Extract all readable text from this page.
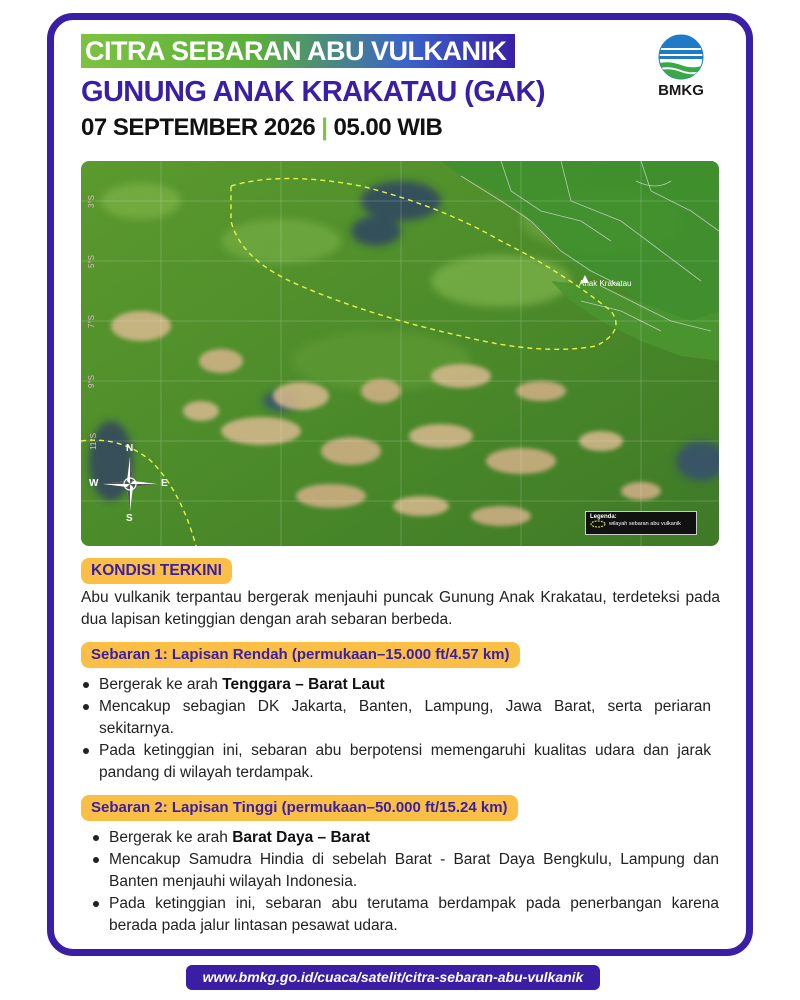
CITRA SEBARAN ABU VULKANIK
GUNUNG ANAK KRAKATAU (GAK)
07 SEPTEMBER 2026 | 05.00 WIB
BMKG
Anak Krakatau
3°S
5°S
7°S
9°S
11°S	N
S
E
W
Legenda:
wilayah sebaran abu vulkanik
KONDISI TERKINI
Abu vulkanik terpantau bergerak menjauhi puncak Gunung Anak Krakatau, terdeteksi pada dua lapisan ketinggian dengan arah sebaran berbeda.
Sebaran 1: Lapisan Rendah (permukaan–15.000 ft/4.57 km)
Bergerak ke arah Tenggara – Barat Laut
Mencakup sebagian DK Jakarta, Banten, Lampung, Jawa Barat, serta periaran sekitarnya.
Pada ketinggian ini, sebaran abu berpotensi memengaruhi kualitas udara dan jarak pandang di wilayah terdampak.
Sebaran 2: Lapisan Tinggi (permukaan–50.000 ft/15.24 km)
Bergerak ke arah Barat Daya – Barat
Mencakup Samudra Hindia di sebelah Barat - Barat Daya Bengkulu, Lampung dan Banten menjauhi wilayah Indonesia.
Pada ketinggian ini, sebaran abu terutama berdampak pada penerbangan karena berada pada jalur lintasan pesawat udara.
www.bmkg.go.id/cuaca/satelit/citra-sebaran-abu-vulkanik
